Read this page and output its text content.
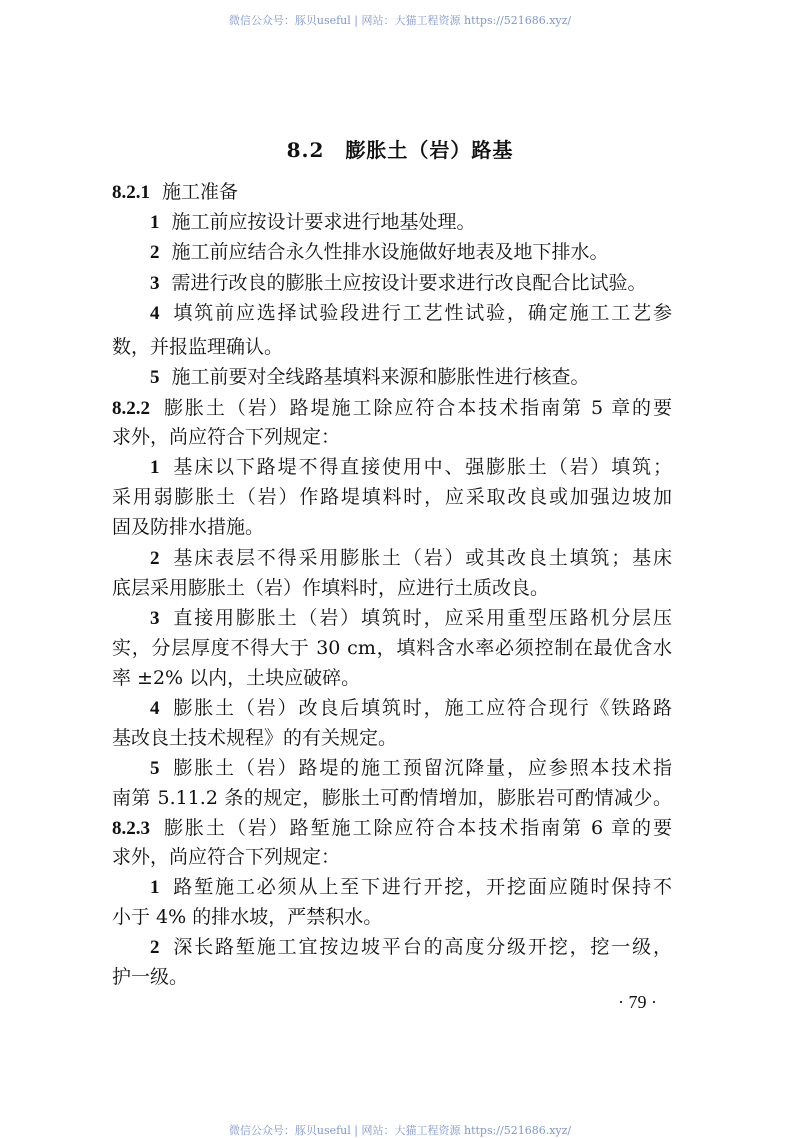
微信公众号：豚贝useful | 网站：大猫工程资源 https://521686.xyz/
8.2　膨胀土（岩）路基
8.2.1 施工准备
1 施工前应按设计要求进行地基处理。
2 施工前应结合永久性排水设施做好地表及地下排水。
3 需进行改良的膨胀土应按设计要求进行改良配合比试验。
4 填筑前应选择试验段进行工艺性试验，确定施工工艺参
数，并报监理确认。
5 施工前要对全线路基填料来源和膨胀性进行核查。
8.2.2 膨胀土（岩）路堤施工除应符合本技术指南第 5 章的要
求外，尚应符合下列规定：
1 基床以下路堤不得直接使用中、强膨胀土（岩）填筑；
采用弱膨胀土（岩）作路堤填料时，应采取改良或加强边坡加
固及防排水措施。
2 基床表层不得采用膨胀土（岩）或其改良土填筑；基床
底层采用膨胀土（岩）作填料时，应进行土质改良。
3 直接用膨胀土（岩）填筑时，应采用重型压路机分层压
实，分层厚度不得大于 30 cm，填料含水率必须控制在最优含水
率 ±2% 以内，土块应破碎。
4 膨胀土（岩）改良后填筑时，施工应符合现行《铁路路
基改良土技术规程》的有关规定。
5 膨胀土（岩）路堤的施工预留沉降量，应参照本技术指
南第 5.11.2 条的规定，膨胀土可酌情增加，膨胀岩可酌情减少。
8.2.3 膨胀土（岩）路堑施工除应符合本技术指南第 6 章的要
求外，尚应符合下列规定：
1 路堑施工必须从上至下进行开挖，开挖面应随时保持不
小于 4% 的排水坡，严禁积水。
2 深长路堑施工宜按边坡平台的高度分级开挖，挖一级，
护一级。
· 79 ·
微信公众号：豚贝useful | 网站：大猫工程资源 https://521686.xyz/
